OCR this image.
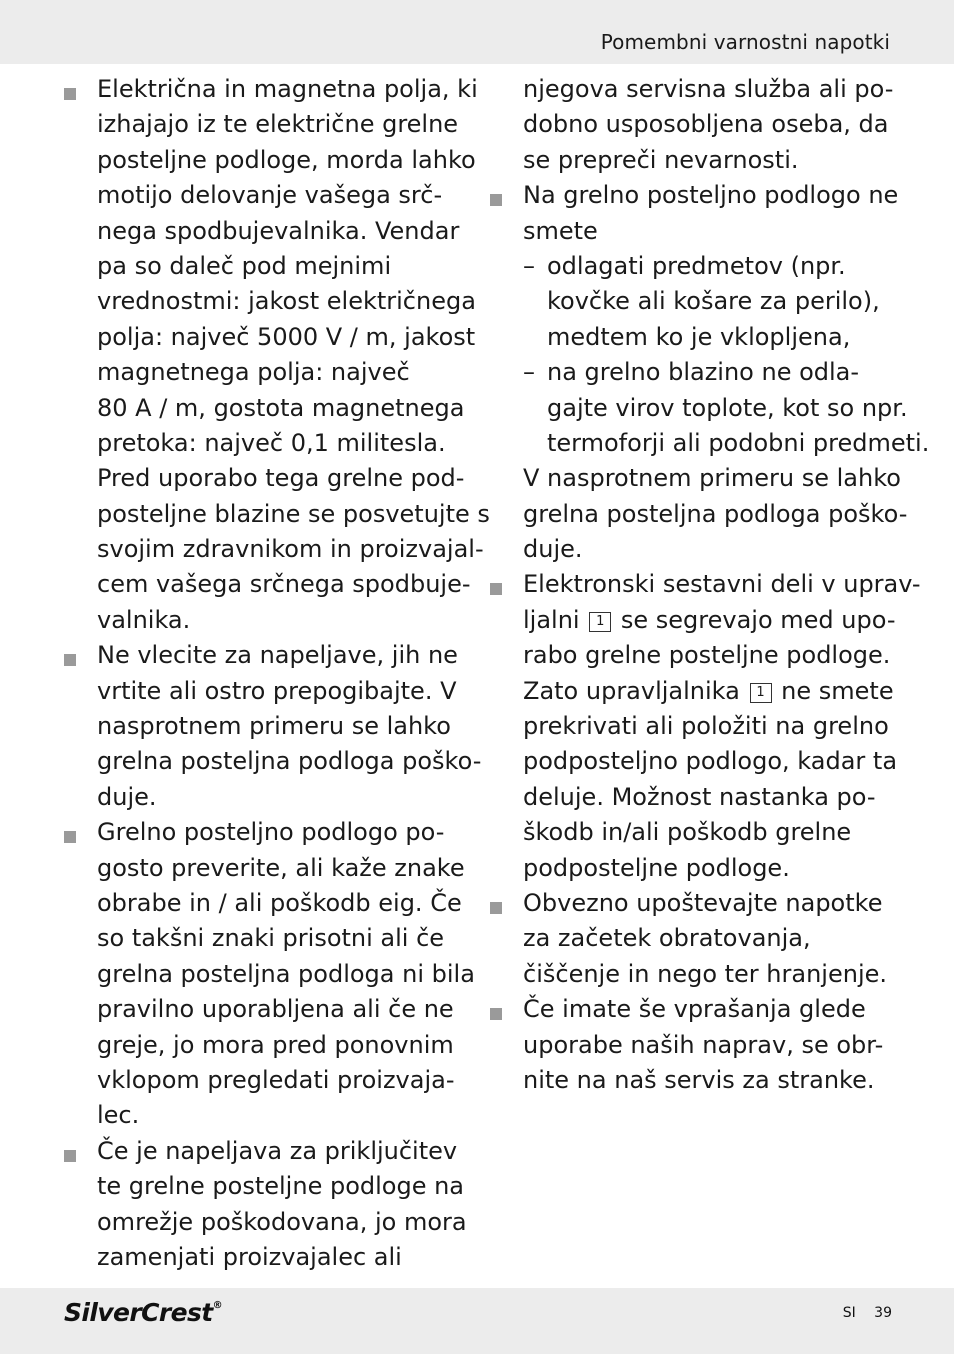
Pomembni varnostni napotki
Električna in magnetna polja, ki
izhajajo iz te električne grelne
posteljne podloge, morda lahko
motijo delovanje vašega srč-
nega spodbujevalnika. Vendar
pa so daleč pod mejnimi
vrednostmi: jakost električnega
polja: največ 5000 V / m, jakost
magnetnega polja: največ
80 A / m, gostota magnetnega
pretoka: največ 0,1 militesla.
Pred uporabo tega grelne pod-
posteljne blazine se posvetujte s
svojim zdravnikom in proizvajal-
cem vašega srčnega spodbuje-
valnika.
Ne vlecite za napeljave, jih ne
vrtite ali ostro prepogibajte. V
nasprotnem primeru se lahko
grelna posteljna podloga poško-
duje.
Grelno posteljno podlogo po-
gosto preverite, ali kaže znake
obrabe in / ali poškodb eig. Če
so takšni znaki prisotni ali če
grelna posteljna podloga ni bila
pravilno uporabljena ali če ne
greje, jo mora pred ponovnim
vklopom pregledati proizvaja-
lec.
Če je napeljava za priključitev
te grelne posteljne podloge na
omrežje poškodovana, jo mora
zamenjati proizvajalec ali
njegova servisna služba ali po-
dobno usposobljena oseba, da
se prepreči nevarnosti.
Na grelno posteljno podlogo ne
smete
– odlagati predmetov (npr.
kovčke ali košare za perilo),
medtem ko je vklopljena,
– na grelno blazino ne odla-
gajte virov toplote, kot so npr.
termoforji ali podobni predmeti.
V nasprotnem primeru se lahko
grelna posteljna podloga poško-
duje.
Elektronski sestavni deli v uprav-
ljalni 1 se segrevajo med upo-
rabo grelne posteljne podloge.
Zato upravljalnika 1 ne smete
prekrivati ali položiti na grelno
podposteljno podlogo, kadar ta
deluje. Možnost nastanka po-
škodb in/ali poškodb grelne
podposteljne podloge.
Obvezno upoštevajte napotke
za začetek obratovanja,
čiščenje in nego ter hranjenje.
Če imate še vprašanja glede
uporabe naših naprav, se obr-
nite na naš servis za stranke.
SilverCrest®	SI 39
